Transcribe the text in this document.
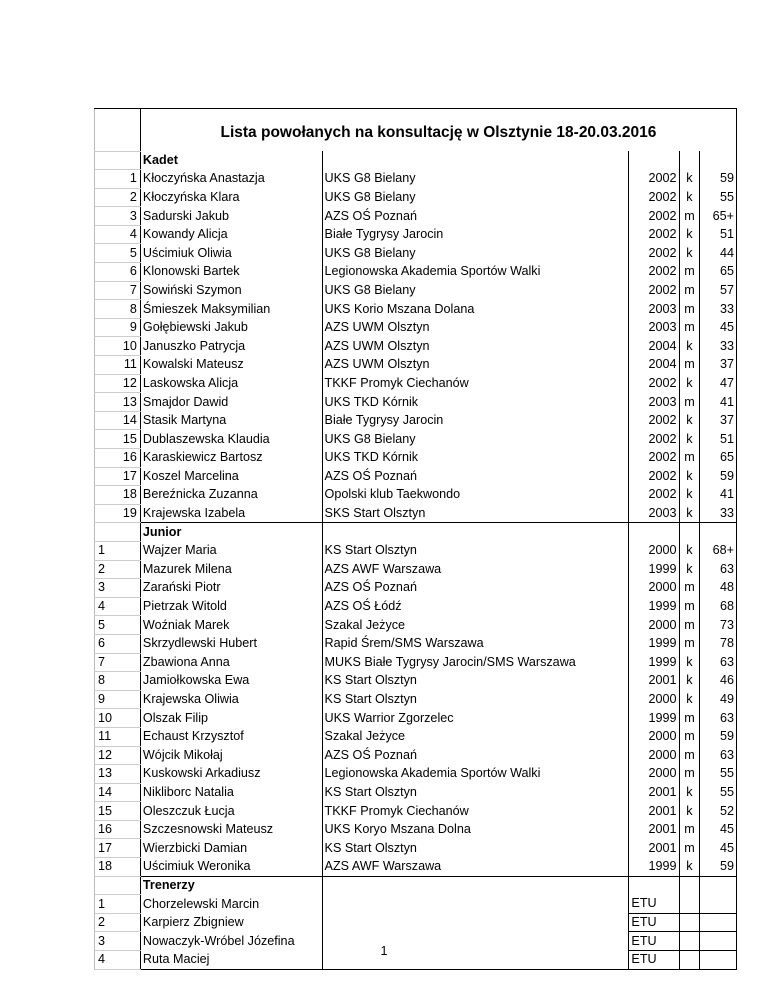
	Lista powołanych na konsultację w Olsztynie 18-20.03.2016				
	Kadet				
1	Kłoczyńska Anastazja	UKS G8 Bielany	2002	k	59
2	Kłoczyńska Klara	UKS G8 Bielany	2002	k	55
3	Sadurski Jakub	AZS OŚ Poznań	2002	m	65+
4	Kowandy Alicja	Białe Tygrysy Jarocin	2002	k	51
5	Uścimiuk Oliwia	UKS G8 Bielany	2002	k	44
6	Klonowski Bartek	Legionowska Akademia Sportów Walki	2002	m	65
7	Sowiński Szymon	UKS G8 Bielany	2002	m	57
8	Śmieszek Maksymilian	UKS Korio Mszana Dolana	2003	m	33
9	Gołębiewski Jakub	AZS UWM Olsztyn	2003	m	45
10	Januszko Patrycja	AZS UWM Olsztyn	2004	k	33
11	Kowalski Mateusz	AZS UWM Olsztyn	2004	m	37
12	Laskowska Alicja	TKKF Promyk Ciechanów	2002	k	47
13	Smajdor Dawid	UKS TKD Kórnik	2003	m	41
14	Stasik Martyna	Białe Tygrysy Jarocin	2002	k	37
15	Dublaszewska Klaudia	UKS G8 Bielany	2002	k	51
16	Karaskiewicz Bartosz	UKS TKD Kórnik	2002	m	65
17	Koszel Marcelina	AZS OŚ Poznań	2002	k	59
18	Bereźnicka Zuzanna	Opolski klub Taekwondo	2002	k	41
19	Krajewska Izabela	SKS Start Olsztyn	2003	k	33
	Junior				
1	Wajzer Maria	KS Start Olsztyn	2000	k	68+
2	Mazurek Milena	AZS AWF Warszawa	1999	k	63
3	Zarański Piotr	AZS OŚ Poznań	2000	m	48
4	Pietrzak Witold	AZS OŚ Łódź	1999	m	68
5	Woźniak Marek	Szakal Jeżyce	2000	m	73
6	Skrzydlewski Hubert	Rapid Śrem/SMS Warszawa	1999	m	78
7	Zbawiona Anna	MUKS Białe Tygrysy Jarocin/SMS Warszawa	1999	k	63
8	Jamiołkowska Ewa	KS Start Olsztyn	2001	k	46
9	Krajewska Oliwia	KS Start Olsztyn	2000	k	49
10	Olszak Filip	UKS Warrior Zgorzelec	1999	m	63
11	Echaust Krzysztof	Szakal Jeżyce	2000	m	59
12	Wójcik Mikołaj	AZS OŚ Poznań	2000	m	63
13	Kuskowski Arkadiusz	Legionowska Akademia Sportów Walki	2000	m	55
14	Nikliborc Natalia	KS Start Olsztyn	2001	k	55
15	Oleszczuk Łucja	TKKF Promyk Ciechanów	2001	k	52
16	Szczesnowski Mateusz	UKS Koryo Mszana Dolna	2001	m	45
17	Wierzbicki Damian	KS Start Olsztyn	2001	m	45
18	Uścimiuk Weronika	AZS AWF Warszawa	1999	k	59
	Trenerzy				
1	Chorzelewski Marcin		ETU		
2	Karpierz Zbigniew		ETU		
3	Nowaczyk-Wróbel Józefina		ETU		
4	Ruta Maciej		ETU		
1
